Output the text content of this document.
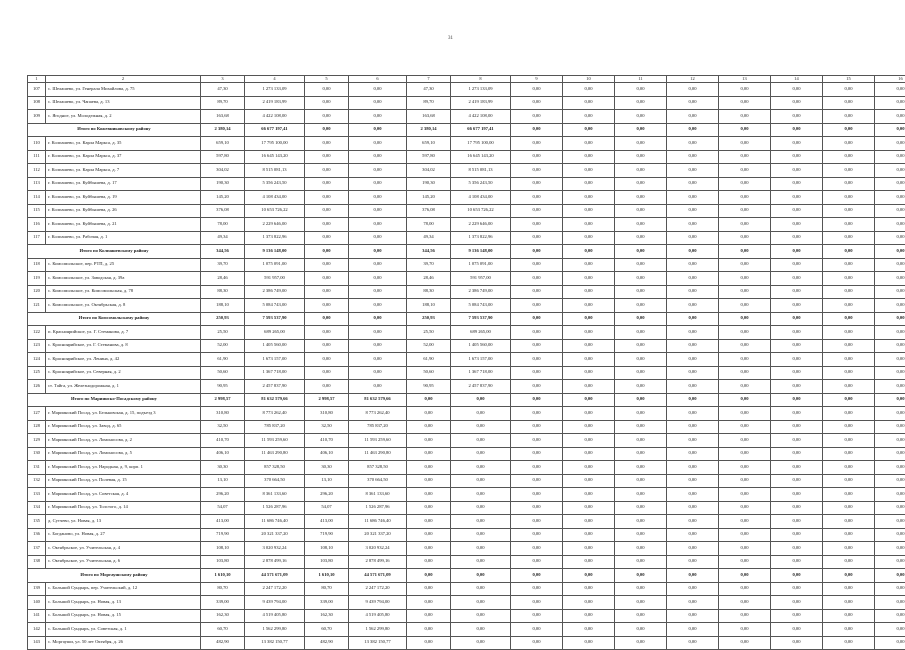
31
1	2	3	4	5	6	7	8	9	10	11	12	13	14	15	16
107	с. Шелашево, ул. Генерала Михайлова, д. 75	47,30	1 273 133,09	0,00	0,00	47,30	1 273 133,09	0,00	0,00	0,00	0,00	0,00	0,00	0,00	0,00
108	с. Шелашево, ул. Чапаева, д. 13	89,70	2 419 183,99	0,00	0,00	89,70	2 419 183,99	0,00	0,00	0,00	0,00	0,00	0,00	0,00	0,00
109	с. Ягодное, ул. Молодежная, д. 2	163,68	4 422 108,00	0,00	0,00	163,68	4 422 108,00	0,00	0,00	0,00	0,00	0,00	0,00	0,00	0,00
Итого по Кожевниковскому району		2 380,14	66 677 197,41	0,00	0,00	2 380,14	66 677 197,41	0,00	0,00	0,00	0,00	0,00	0,00	0,00	0,00
110	г. Колпашево, ул. Карла Маркса, д. 35	659,10	17 795 100,00	0,00	0,00	659,10	17 795 100,00	0,00	0,00	0,00	0,00	0,00	0,00	0,00	0,00
111	г. Колпашево, ул. Карла Маркса, д. 37	597,80	16 645 143,20	0,00	0,00	597,80	16 645 143,20	0,00	0,00	0,00	0,00	0,00	0,00	0,00	0,00
112	г. Колпашево, ул. Карла Маркса, д. 7	304,02	8 515 081,13	0,00	0,00	304,02	8 515 081,13	0,00	0,00	0,00	0,00	0,00	0,00	0,00	0,00
113	г. Колпашево, ул. Куйбышева, д. 17	190,30	5 356 243,50	0,00	0,00	190,30	5 356 243,50	0,00	0,00	0,00	0,00	0,00	0,00	0,00	0,00
114	г. Колпашево, ул. Куйбышева, д. 19	145,20	4 108 434,00	0,00	0,00	145,20	4 108 434,00	0,00	0,00	0,00	0,00	0,00	0,00	0,00	0,00
115	г. Колпашево, ул. Куйбышева, д. 26	376,08	10 653 726,22	0,00	0,00	376,08	10 653 726,22	0,00	0,00	0,00	0,00	0,00	0,00	0,00	0,00
116	г. Колпашево, ул. Куйбышева, д. 21	78,00	2 229 646,00	0,00	0,00	78,00	2 229 646,00	0,00	0,00	0,00	0,00	0,00	0,00	0,00	0,00
117	г. Колпашево, ул. Рабочая, д. 1	49,34	1 373 822,96	0,00	0,00	49,34	1 373 822,96	0,00	0,00	0,00	0,00	0,00	0,00	0,00	0,00
Итого по Колпашевскому району		344,56	9 136 148,00	0,00	0,00	344,56	9 136 148,00	0,00	0,00	0,00	0,00	0,00	0,00	0,00	0,00
118	с. Комсомольское, пер. РТП, д. 25	39,70	1 075 091,00	0,00	0,00	39,70	1 075 091,00	0,00	0,00	0,00	0,00	0,00	0,00	0,00	0,00
119	с. Комсомольское, ул. Заводская, д. 39а	28,46	591 957,00	0,00	0,00	28,46	591 957,00	0,00	0,00	0,00	0,00	0,00	0,00	0,00	0,00
120	с. Комсомольское, ул. Комсомольская, д. 78	88,30	2 386 749,00	0,00	0,00	88,30	2 386 749,00	0,00	0,00	0,00	0,00	0,00	0,00	0,00	0,00
121	с. Комсомольское, ул. Октябрьская, д. 8	188,10	5 084 743,00	0,00	0,00	188,10	5 084 743,00	0,00	0,00	0,00	0,00	0,00	0,00	0,00	0,00
Итого по Комсомольскому району		250,93	7 593 537,90	0,00	0,00	250,93	7 593 537,90	0,00	0,00	0,00	0,00	0,00	0,00	0,00	0,00
122	п. Красноярийское, ул. Г. Стеманова, д. 7	25,50	689 265,00	0,00	0,00	25,50	689 265,00	0,00	0,00	0,00	0,00	0,00	0,00	0,00	0,00
123	с. Красноярийское, ул. Г. Стеманова, д. 8	52,00	1 405 560,00	0,00	0,00	52,00	1 405 560,00	0,00	0,00	0,00	0,00	0,00	0,00	0,00	0,00
124	с. Красноярийское, ул. Ленина, д. 42	61,90	1 673 157,00	0,00	0,00	61,90	1 673 157,00	0,00	0,00	0,00	0,00	0,00	0,00	0,00	0,00
125	с. Красноярийское, ул. Северная, д. 2	50,60	1 367 718,00	0,00	0,00	50,60	1 367 718,00	0,00	0,00	0,00	0,00	0,00	0,00	0,00	0,00
126	ст. Тайга, ул. Железнодорожная, д. 1	90,95	2 457 837,90	0,00	0,00	90,95	2 457 837,90	0,00	0,00	0,00	0,00	0,00	0,00	0,00	0,00
Итого по Мариинско-Посадскому району		2 998,57	81 632 579,66	2 998,57	81 632 579,66	0,00	0,00	0,00	0,00	0,00	0,00	0,00	0,00	0,00	0,00
127	г. Мариинский Посад, ул. Бельковская, д. 15, подъезд 3	310,80	8 773 262,40	310,80	8 773 262,40	0,00	0,00	0,00	0,00	0,00	0,00	0,00	0,00	0,00	0,00
128	г. Мариинский Посад, ул. Завод, д. 65	32,50	785 837,20	32,50	785 837,20	0,00	0,00	0,00	0,00	0,00	0,00	0,00	0,00	0,00	0,00
129	г. Мариинский Посад, ул. Ломоносова, д. 2	410,70	11 593 259,60	410,70	11 593 259,60	0,00	0,00	0,00	0,00	0,00	0,00	0,00	0,00	0,00	0,00
130	г. Мариинский Посад, ул. Ломоносова, д. 5	406,10	11 463 290,80	406,10	11 463 290,80	0,00	0,00	0,00	0,00	0,00	0,00	0,00	0,00	0,00	0,00
131	г. Мариинский Посад, ул. Народная, д. 9, корп. 1	30,30	857 328,50	30,30	857 328,50	0,00	0,00	0,00	0,00	0,00	0,00	0,00	0,00	0,00	0,00
132	г. Мариинский Посад, ул. Полевая, д. 15	13,10	370 664,50	13,10	370 664,50	0,00	0,00	0,00	0,00	0,00	0,00	0,00	0,00	0,00	0,00
133	г. Мариинский Посад, ул. Советская, д. 4	296,20	8 361 133,60	296,20	8 361 133,60	0,00	0,00	0,00	0,00	0,00	0,00	0,00	0,00	0,00	0,00
134	г. Мариинский Посад, ул. Толстого, д. 14	54,07	1 526 287,96	54,07	1 526 287,96	0,00	0,00	0,00	0,00	0,00	0,00	0,00	0,00	0,00	0,00
135	д. Сутчево, ул. Новая, д. 13	413,00	11 686 746,40	413,00	11 686 746,40	0,00	0,00	0,00	0,00	0,00	0,00	0,00	0,00	0,00	0,00
136	с. Богданово, ул. Новая, д. 27	719,90	20 321 337,20	719,90	20 321 337,20	0,00	0,00	0,00	0,00	0,00	0,00	0,00	0,00	0,00	0,00
137	с. Октябрьское, ул. Учительская, д. 4	108,10	3 020 932,24	108,10	3 020 932,24	0,00	0,00	0,00	0,00	0,00	0,00	0,00	0,00	0,00	0,00
138	с. Октябрьское, ул. Учительская, д. 6	103,80	2 878 499,16	103,80	2 878 499,16	0,00	0,00	0,00	0,00	0,00	0,00	0,00	0,00	0,00	0,00
Итого по Моргаушскому району		1 610,10	44 571 671,09	1 610,10	44 571 671,09	0,00	0,00	0,00	0,00	0,00	0,00	0,00	0,00	0,00	0,00
139	с. Большой Сундырь, пер. Учительский, д. 12	80,70	2 247 172,20	80,70	2 247 172,20	0,00	0,00	0,00	0,00	0,00	0,00	0,00	0,00	0,00	0,00
140	с. Большой Сундырь, ул. Новая, д. 13	339,00	9 439 794,00	339,00	9 439 794,00	0,00	0,00	0,00	0,00	0,00	0,00	0,00	0,00	0,00	0,00
141	с. Большой Сундырь, ул. Новая, д. 15	162,30	4 519 405,80	162,30	4 519 405,80	0,00	0,00	0,00	0,00	0,00	0,00	0,00	0,00	0,00	0,00
142	с. Большой Сундырь, ул. Советская, д. 1	60,70	1 562 299,80	60,70	1 562 299,80	0,00	0,00	0,00	0,00	0,00	0,00	0,00	0,00	0,00	0,00
143	с. Моргауши, ул. 50 лет Октября, д. 26	482,90	13 382 150,77	482,90	13 382 150,77	0,00	0,00	0,00	0,00	0,00	0,00	0,00	0,00	0,00	0,00
